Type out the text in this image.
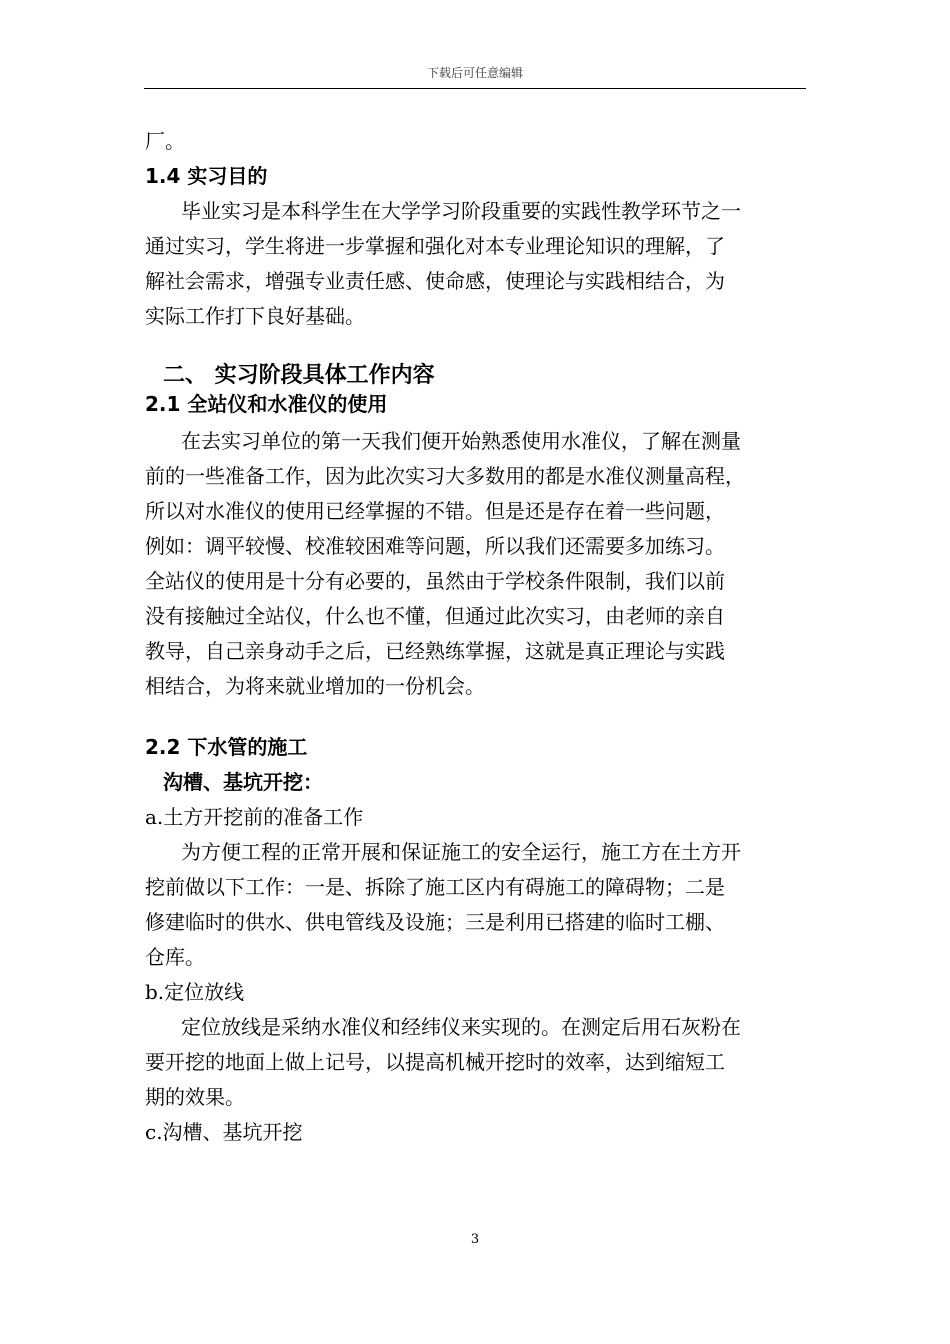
下载后可任意编辑

厂。

1.4 实习目的

毕业实习是本科学生在大学学习阶段重要的实践性教学环节之一

通过实习，学生将进一步掌握和强化对本专业理论知识的理解，了

解社会需求，增强专业责任感、使命感，使理论与实践相结合，为

实际工作打下良好基础。

二、 实习阶段具体工作内容

2.1 全站仪和水准仪的使用

在去实习单位的第一天我们便开始熟悉使用水准仪，了解在测量

前的一些准备工作，因为此次实习大多数用的都是水准仪测量高程，

所以对水准仪的使用已经掌握的不错。但是还是存在着一些问题，

例如：调平较慢、校准较困难等问题，所以我们还需要多加练习。

全站仪的使用是十分有必要的，虽然由于学校条件限制，我们以前

没有接触过全站仪，什么也不懂，但通过此次实习，由老师的亲自

教导，自己亲身动手之后，已经熟练掌握，这就是真正理论与实践

相结合，为将来就业增加的一份机会。

2.2 下水管的施工

沟槽、基坑开挖：

a.土方开挖前的准备工作

为方便工程的正常开展和保证施工的安全运行，施工方在土方开

挖前做以下工作：一是、拆除了施工区内有碍施工的障碍物；二是

修建临时的供水、供电管线及设施；三是利用已搭建的临时工棚、

仓库。

b.定位放线

定位放线是采纳水准仪和经纬仪来实现的。在测定后用石灰粉在

要开挖的地面上做上记号，以提高机械开挖时的效率，达到缩短工

期的效果。

c.沟槽、基坑开挖

3
